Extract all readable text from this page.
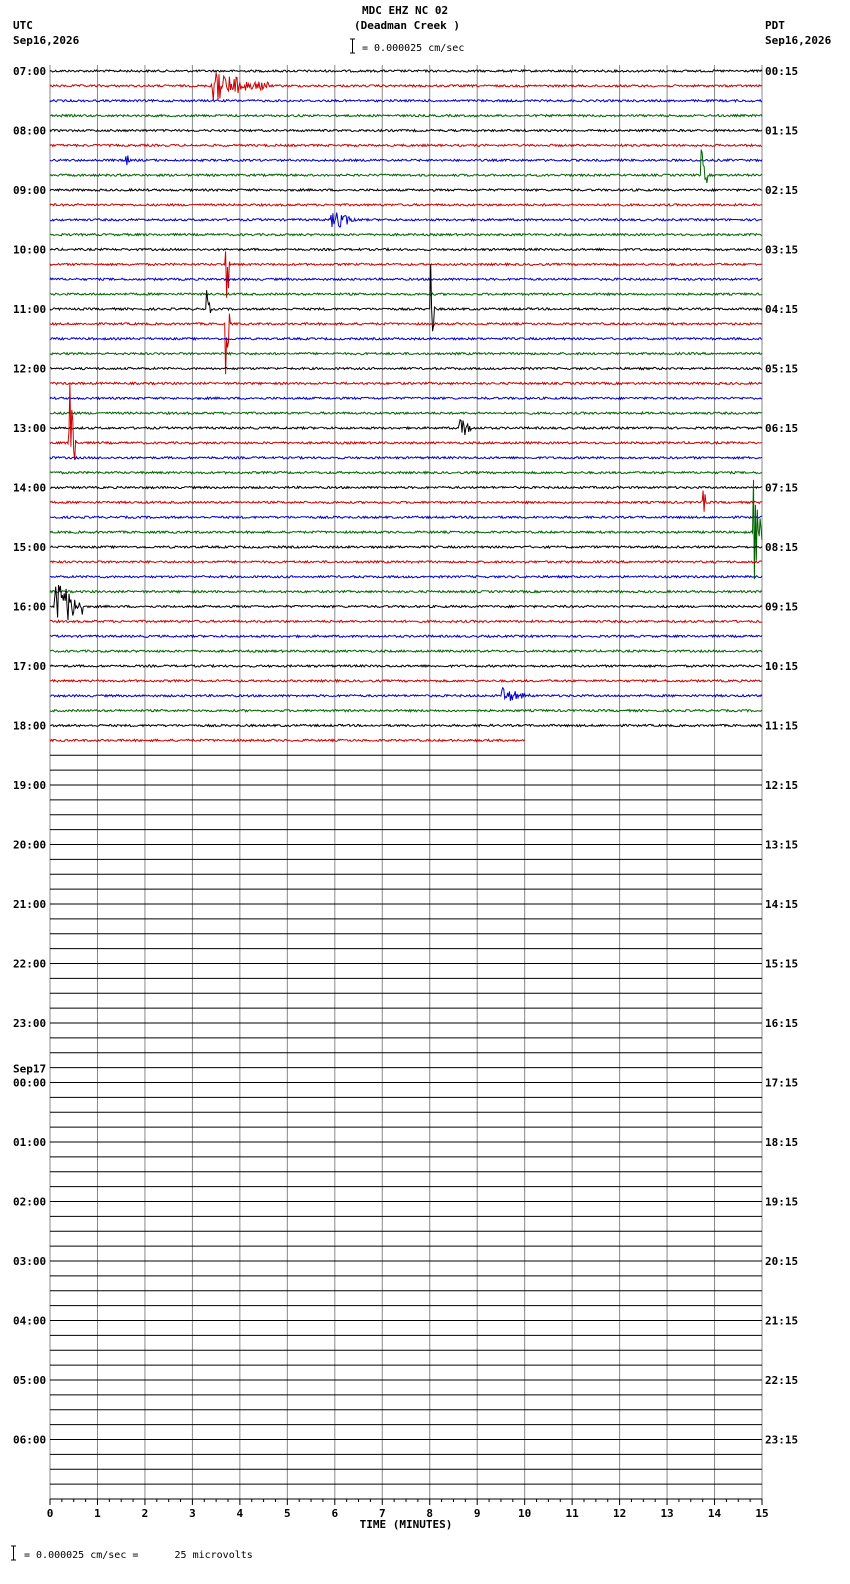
MDC EHZ NC 02
(Deadman Creek )
= 0.000025 cm/sec
UTC
Sep16,2026
PDT
Sep16,2026
= 0.000025 cm/sec =      25 microvolts
07:00	00:15
08:00	01:15
09:00	02:15
10:00	03:15
11:00	04:15
12:00	05:15
13:00	06:15
14:00	07:15
15:00	08:15
16:00	09:15
17:00	10:15
18:00	11:15
19:00	12:15
20:00	13:15
21:00	14:15
22:00	15:15
23:00	16:15
00:00	17:15
Sep17
01:00	18:15
02:00	19:15
03:00	20:15
04:00	21:15
05:00	22:15
06:00	23:15
0	1	2	3	4	5	6	7	8	9	10	11	12	13	14	15
TIME (MINUTES)
